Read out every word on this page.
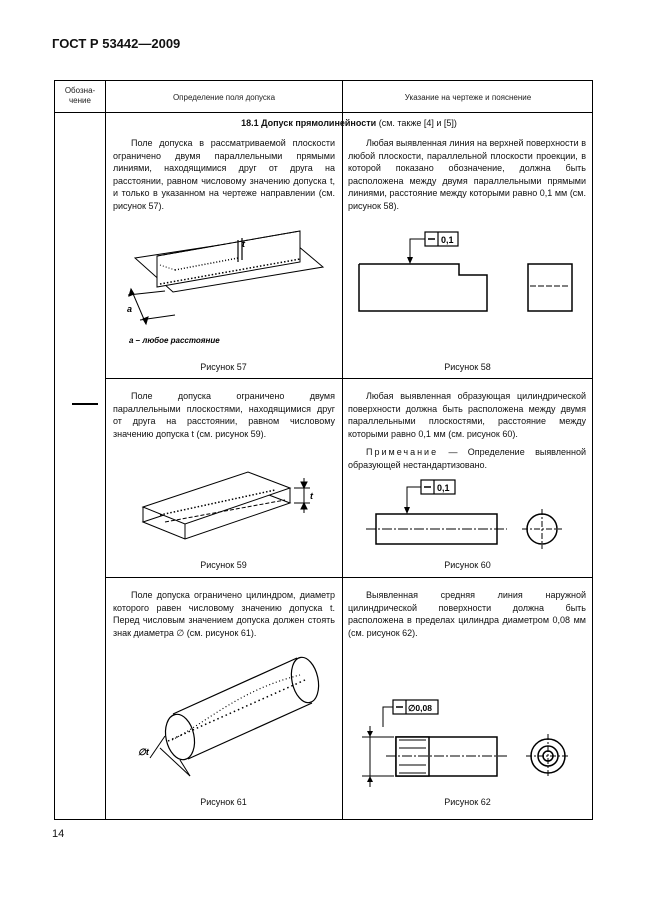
ГОСТ Р 53442—2009
Обозна-
чение	Определение поля допуска	Указание на чертеже и пояснение
18.1 Допуск прямолинейности (см. также [4] и [5])
Поле допуска в рассматриваемой плоскости ограничено двумя параллельными прямыми линиями, находящимися друг от друга на расстоянии, равном числовому значению допуска t, и только в указанном на чертеже направлении (см. рисунок 57).
Любая выявленная линия на верхней поверхности в любой плоскости, параллельной плоскости проекции, в которой показано обозначение, должна быть расположена между двумя параллельными прямыми линиями, расстояние между которыми равно 0,1 мм (см. рисунок 58).
a
t
a – любое расстояние
Рисунок 57
0,1
Рисунок 58
Поле допуска ограничено двумя параллельными плоскостями, находящимися друг от друга на расстоянии, равном числовому значению допуска t (см. рисунок 59).
Любая выявленная образующая цилиндрической поверхности должна быть расположена между двумя параллельными плоскостями, расстояние между которыми равно 0,1 мм (см. рисунок 60).
Примечание — Определение выявленной образующей нестандартизовано.
t
Рисунок 59
0,1
Рисунок 60
Поле допуска ограничено цилиндром, диаметр которого равен числовому значению допуска t. Перед числовым значением допуска должен стоять знак диаметра ∅ (см. рисунок 61).
Выявленная средняя линия наружной цилиндрической поверхности должна быть расположена в пределах цилиндра диаметром 0,08 мм (см. рисунок 62).
∅t
Рисунок 61
∅0,08
Рисунок 62
14
